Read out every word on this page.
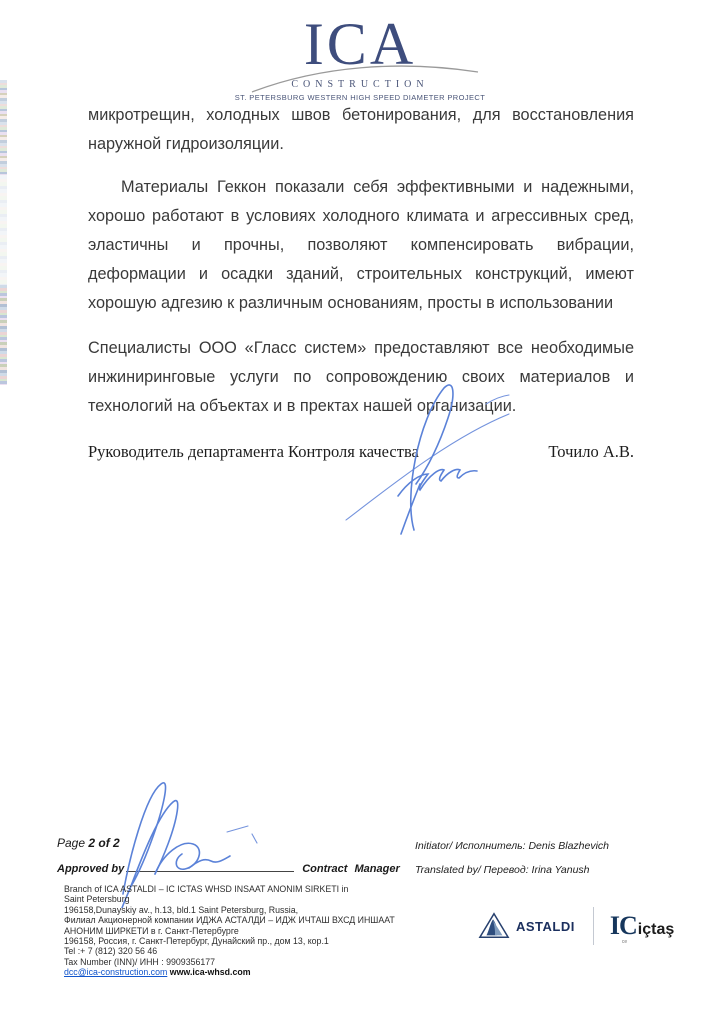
ICA
CONSTRUCTION
ST. PETERSBURG WESTERN HIGH SPEED DIAMETER PROJECT

микротрещин, холодных швов бетонирования, для восстановления наружной гидроизоляции.

Материалы Геккон показали себя эффективными и надежными, хорошо работают в условиях холодного климата и агрессивных сред, эластичны и прочны, позволяют компенсировать вибрации, деформации и осадки зданий, строительных конструкций, имеют хорошую адгезию к различным основаниям, просты в использовании

Специалисты ООО «Гласс систем» предоставляют все необходимые инжиниринговые услуги по сопровождению своих материалов и технологий на объектах и в пректах нашей организации.

Руководитель департамента Контроля качества	Точило А.В.
Page 2 of 2
Approved by	Contract Manager
Initiator/ Исполнитель: Denis Blazhevich
Translated by/ Перевод: Irina Yanush
Branch of ICA ASTALDI – IC ICTAS WHSD INSAAT ANONIM SIRKETI in
Saint Petersburg
196158,Dunayskiy av., h.13, bld.1 Saint Petersburg, Russia,
Филиал Акционерной компании ИДЖА АСТАЛДИ – ИДЖ ИЧТАШ ВХСД ИНШААТ
АНОНИМ ШИРКЕТИ в г. Санкт-Петербурге
196158, Россия, г. Санкт-Петербург, Дунайский пр., дом 13, кор.1
Tel :+ 7 (812) 320 56 46
Tax Number (INN)/ ИНН : 9909356177
dcc@ica-construction.com www.ica-whsd.com
ASTALDI IC içtaş
ce
